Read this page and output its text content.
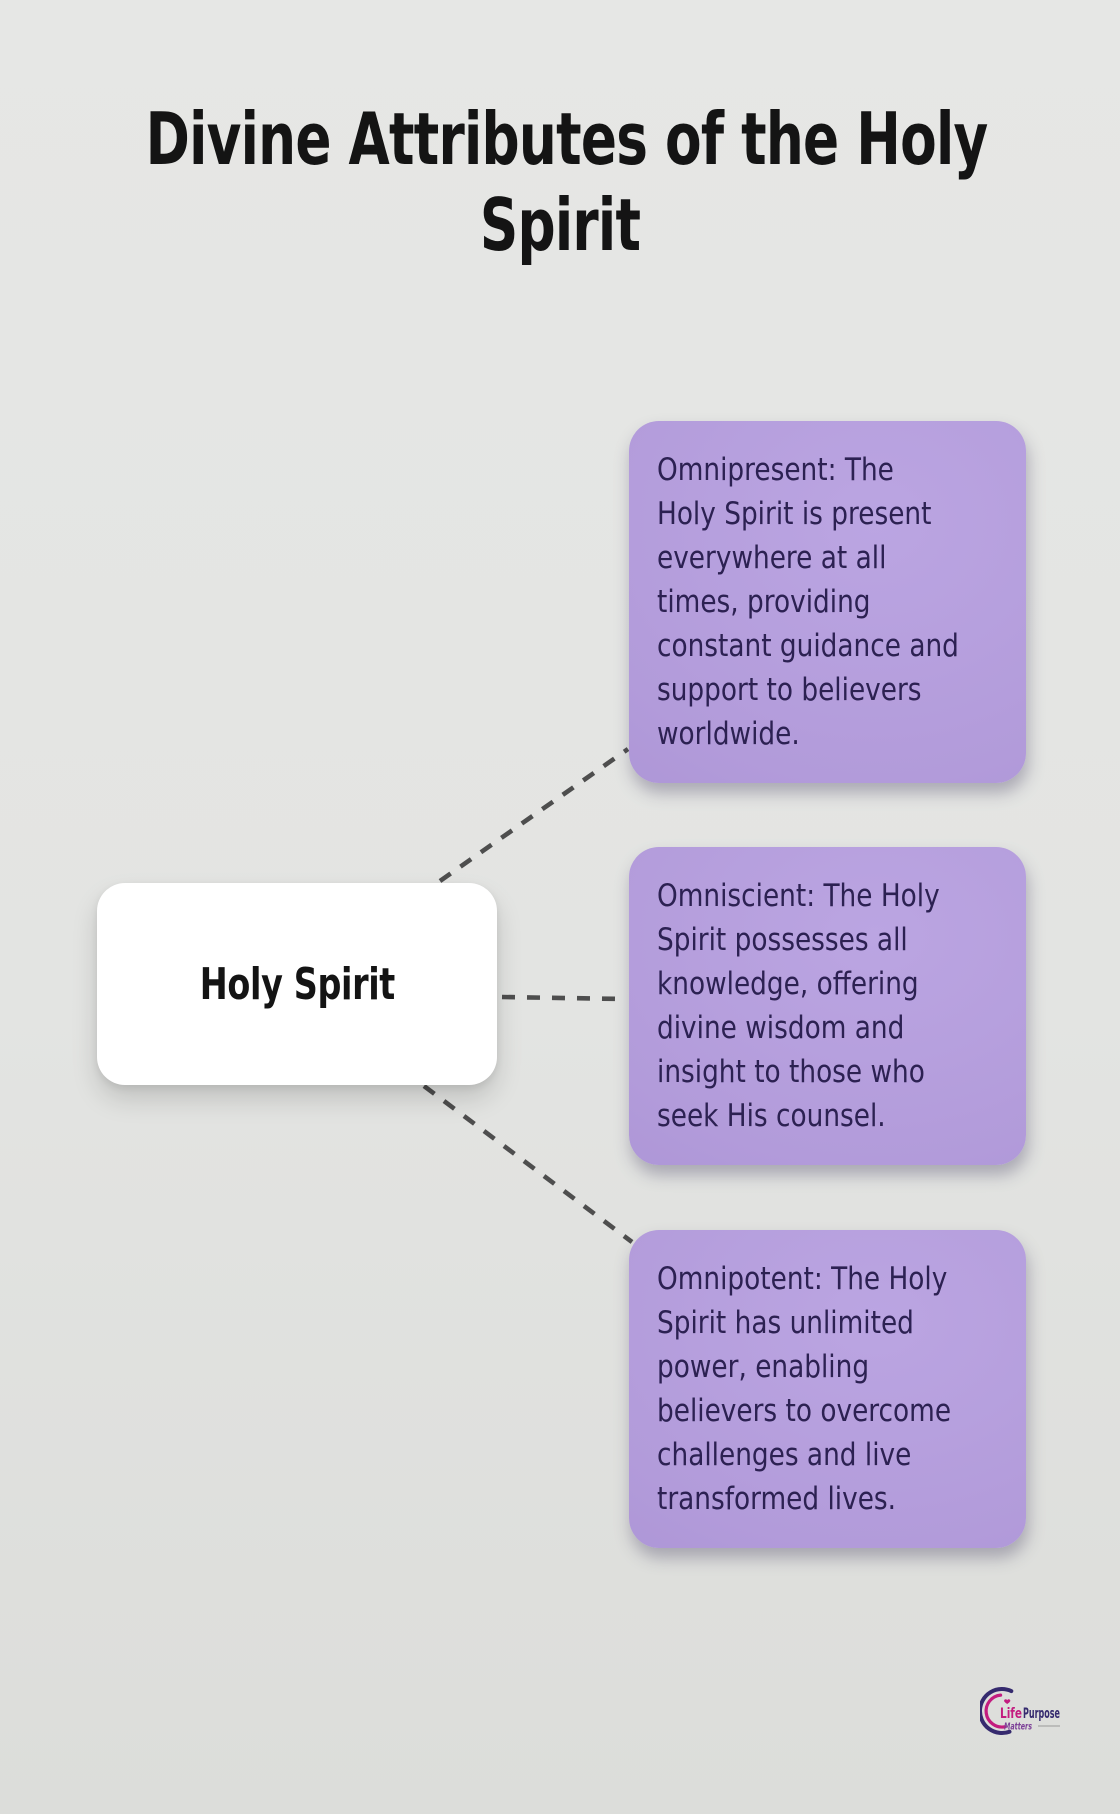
Divine Attributes of the Holy
Spirit
Holy Spirit
Omnipresent: The
Holy Spirit is present
everywhere at all
times, providing
constant guidance and
support to believers
worldwide.
Omniscient: The Holy
Spirit possesses all
knowledge, offering
divine wisdom and
insight to those who
seek His counsel.
Omnipotent: The Holy
Spirit has unlimited
power, enabling
believers to overcome
challenges and live
transformed lives.
Life Purpose
Matters
